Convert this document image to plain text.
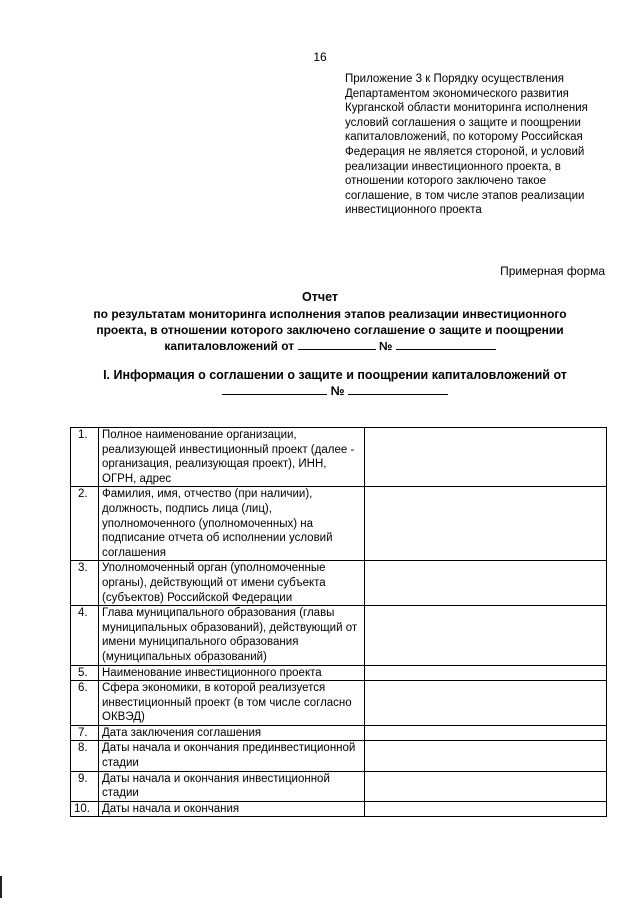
16
Приложение 3 к Порядку осуществления Департаментом экономического развития Курганской области мониторинга исполнения условий соглашения о защите и поощрении капиталовложений, по которому Российская Федерация не является стороной, и условий реализации инвестиционного проекта, в отношении которого заключено такое соглашение, в том числе этапов реализации инвестиционного проекта
Примерная форма
Отчет
по результатам мониторинга исполнения этапов реализации инвестиционного
проекта, в отношении которого заключено соглашение о защите и поощрении
капиталовложений от	№
I. Информация о соглашении о защите и поощрении капиталовложений от
№
1.	Полное наименование организации, реализующей инвестиционный проект (далее - организация, реализующая проект), ИНН, ОГРН, адрес	
2.	Фамилия, имя, отчество (при наличии), должность, подпись лица (лиц), уполномоченного (уполномоченных) на подписание отчета об исполнении условий соглашения	
3.	Уполномоченный орган (уполномоченные органы), действующий от имени субъекта (субъектов) Российской Федерации	
4.	Глава муниципального образования (главы муниципальных образований), действующий от имени муниципального образования (муниципальных образований)	
5.	Наименование инвестиционного проекта	
6.	Сфера экономики, в которой реализуется инвестиционный проект (в том числе согласно ОКВЭД)	
7.	Дата заключения соглашения	
8.	Даты начала и окончания прединвестиционной стадии	
9.	Даты начала и окончания инвестиционной стадии	
10.	Даты начала и окончания	
